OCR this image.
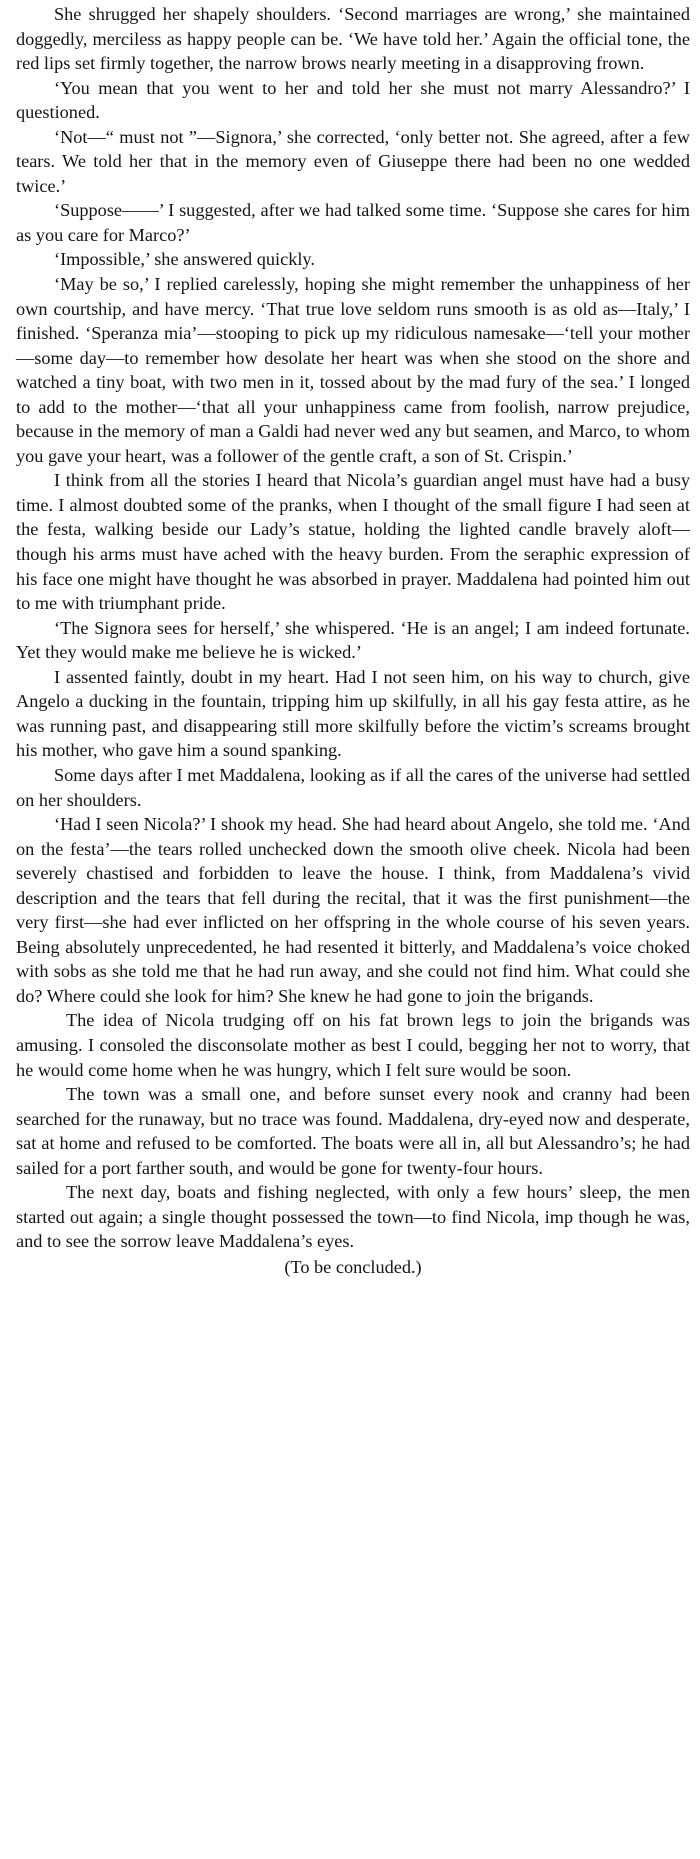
She shrugged her shapely shoulders. ‘Second marriages are wrong,’ she maintained doggedly, merciless as happy people can be. ‘We have told her.’ Again the official tone, the red lips set firmly together, the narrow brows nearly meeting in a disapproving frown.

‘You mean that you went to her and told her she must not marry Alessandro?’ I questioned.

‘Not—“ must not ”—Signora,’ she corrected, ‘only better not. She agreed, after a few tears. We told her that in the memory even of Giuseppe there had been no one wedded twice.’

‘Suppose——’ I suggested, after we had talked some time. ‘Suppose she cares for him as you care for Marco?’

‘Impossible,’ she answered quickly.

‘May be so,’ I replied carelessly, hoping she might remember the unhappiness of her own courtship, and have mercy. ‘That true love seldom runs smooth is as old as—Italy,’ I finished. ‘Speranza mia’—stooping to pick up my ridiculous namesake—‘tell your mother—some day—to remember how desolate her heart was when she stood on the shore and watched a tiny boat, with two men in it, tossed about by the mad fury of the sea.’ I longed to add to the mother—‘that all your unhappiness came from foolish, narrow prejudice, because in the memory of man a Galdi had never wed any but seamen, and Marco, to whom you gave your heart, was a follower of the gentle craft, a son of St. Crispin.’

I think from all the stories I heard that Nicola’s guardian angel must have had a busy time. I almost doubted some of the pranks, when I thought of the small figure I had seen at the festa, walking beside our Lady’s statue, holding the lighted candle bravely aloft—though his arms must have ached with the heavy burden. From the seraphic expression of his face one might have thought he was absorbed in prayer. Maddalena had pointed him out to me with triumphant pride.

‘The Signora sees for herself,’ she whispered. ‘He is an angel; I am indeed fortunate. Yet they would make me believe he is wicked.’

I assented faintly, doubt in my heart. Had I not seen him, on his way to church, give Angelo a ducking in the fountain, tripping him up skilfully, in all his gay festa attire, as he was running past, and disappearing still more skilfully before the victim’s screams brought his mother, who gave him a sound spanking.

Some days after I met Maddalena, looking as if all the cares of the universe had settled on her shoulders.

‘Had I seen Nicola?’ I shook my head. She had heard about Angelo, she told me. ‘And on the festa’—the tears rolled unchecked down the smooth olive cheek. Nicola had been severely chastised and forbidden to leave the house. I think, from Maddalena’s vivid description and the tears that fell during the recital, that it was the first punishment—the very first—she had ever inflicted on her offspring in the whole course of his seven years. Being absolutely unprecedented, he had resented it bitterly, and Maddalena’s voice choked with sobs as she told me that he had run away, and she could not find him. What could she do? Where could she look for him? She knew he had gone to join the brigands.

The idea of Nicola trudging off on his fat brown legs to join the brigands was amusing. I consoled the disconsolate mother as best I could, begging her not to worry, that he would come home when he was hungry, which I felt sure would be soon.

The town was a small one, and before sunset every nook and cranny had been searched for the runaway, but no trace was found. Maddalena, dry-eyed now and desperate, sat at home and refused to be comforted. The boats were all in, all but Alessandro’s; he had sailed for a port farther south, and would be gone for twenty-four hours.

The next day, boats and fishing neglected, with only a few hours’ sleep, the men started out again; a single thought possessed the town—to find Nicola, imp though he was, and to see the sorrow leave Maddalena’s eyes.

(To be concluded.)
